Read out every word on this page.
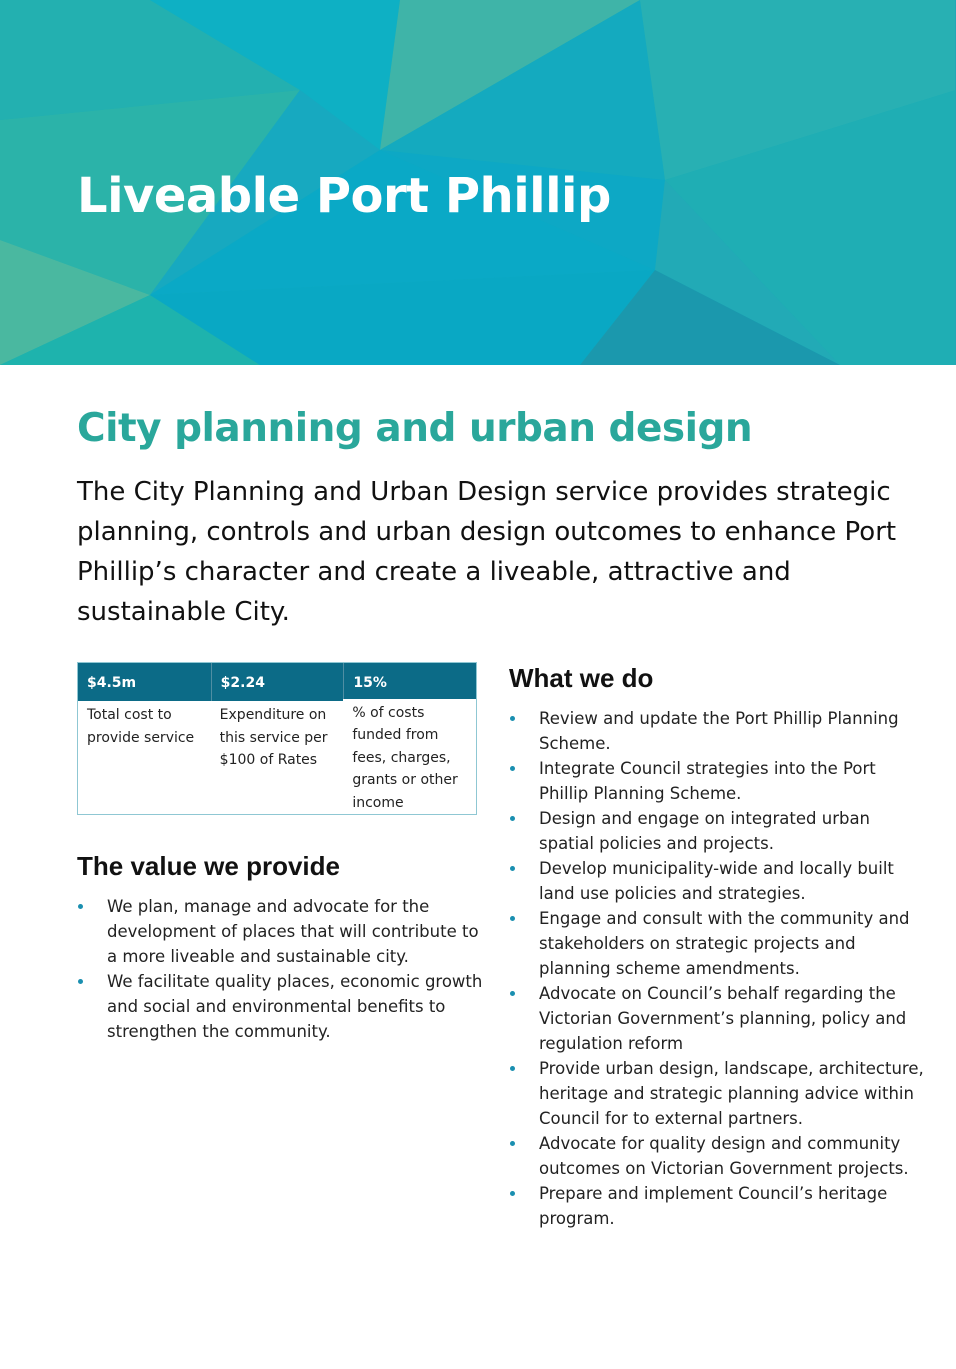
Liveable Port Phillip
City planning and urban design

The City Planning and Urban Design service provides strategic planning, controls and urban design outcomes to enhance Port Phillip’s character and create a liveable, attractive and sustainable City.

$4.5m
Total cost to provide service
$2.24
Expenditure on this service per $100 of Rates
15%
% of costs funded from fees, charges, grants or other income
The value we provide
We plan, manage and advocate for the development of places that will contribute to a more liveable and sustainable city.
We facilitate quality places, economic growth and social and environmental benefits to strengthen the community.
What we do
Review and update the Port Phillip Planning Scheme.
Integrate Council strategies into the Port Phillip Planning Scheme.
Design and engage on integrated urban spatial policies and projects.
Develop municipality-wide and locally built land use policies and strategies.
Engage and consult with the community and stakeholders on strategic projects and planning scheme amendments.
Advocate on Council’s behalf regarding the Victorian Government’s planning, policy and regulation reform
Provide urban design, landscape, architecture, heritage and strategic planning advice within Council for to external partners.
Advocate for quality design and community outcomes on Victorian Government projects.
Prepare and implement Council’s heritage program.
